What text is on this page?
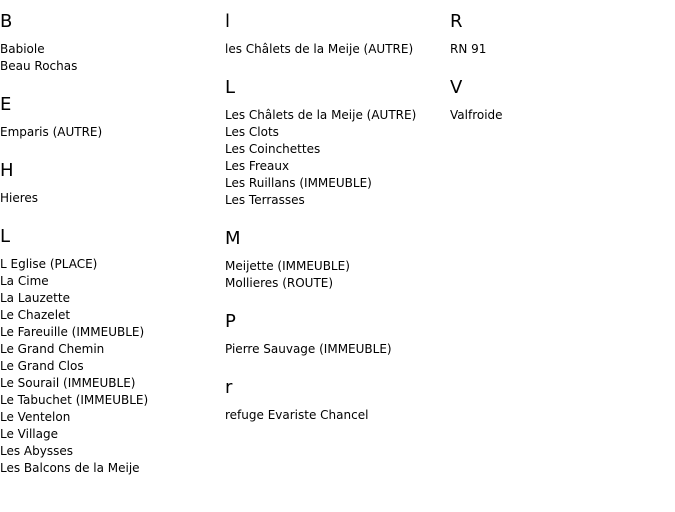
B
Babiole
Beau Rochas
E
Emparis (AUTRE)
H
Hieres
L
L Eglise (PLACE)
La Cime
La Lauzette
Le Chazelet
Le Fareuille (IMMEUBLE)
Le Grand Chemin
Le Grand Clos
Le Sourail (IMMEUBLE)
Le Tabuchet (IMMEUBLE)
Le Ventelon
Le Village
Les Abysses
Les Balcons de la Meije
l
les Châlets de la Meije (AUTRE)
L
Les Châlets de la Meije (AUTRE)
Les Clots
Les Coinchettes
Les Freaux
Les Ruillans (IMMEUBLE)
Les Terrasses
M
Meijette (IMMEUBLE)
Mollieres (ROUTE)
P
Pierre Sauvage (IMMEUBLE)
r
refuge Evariste Chancel
R
RN 91
V
Valfroide
